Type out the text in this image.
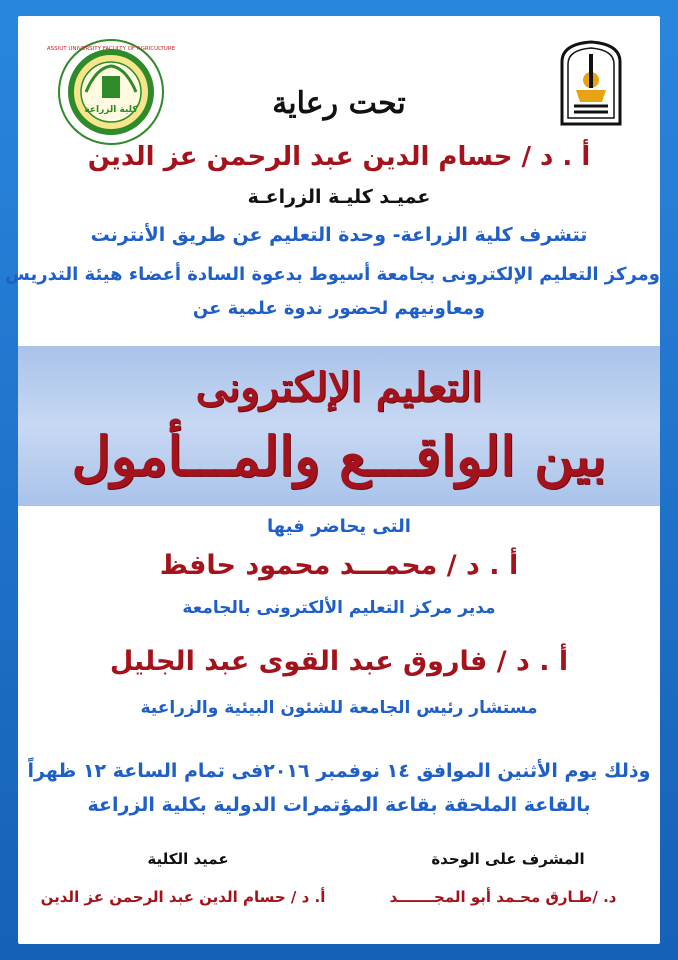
كلية الزراعة
ASSIUT UNIVERSITY FACULTY OF AGRICULTURE
تحت رعاية
أ . د / حسام الدين عبد الرحمن عز الدين
عميـد كليـة الزراعـة
تتشرف كلية الزراعة- وحدة التعليم عن طريق الأنترنت
ومركز التعليم الإلكترونى بجامعة أسيوط بدعوة السادة أعضاء هيئة التدريس
ومعاونيهم لحضور ندوة علمية عن
التعليم الإلكترونى
بين الواقـــع والمـــأمول
التى يحاضر فيها
أ . د / محمـــد محمود حافظ
مدير مركز التعليم الألكترونى بالجامعة
أ . د / فاروق عبد القوى عبد الجليل
مستشار رئيس الجامعة للشئون البيئية والزراعية
وذلك يوم الأثنين الموافق ١٤ نوفمبر ٢٠١٦فى تمام الساعة ١٢ ظهراً
بالقاعة الملحقة بقاعة المؤتمرات الدولية بكلية الزراعة
المشرف على الوحدة
د. /طـارق محـمد أبو المجـــــــد
عميد الكلية
أ. د / حسام الدين عبد الرحمن عز الدين
